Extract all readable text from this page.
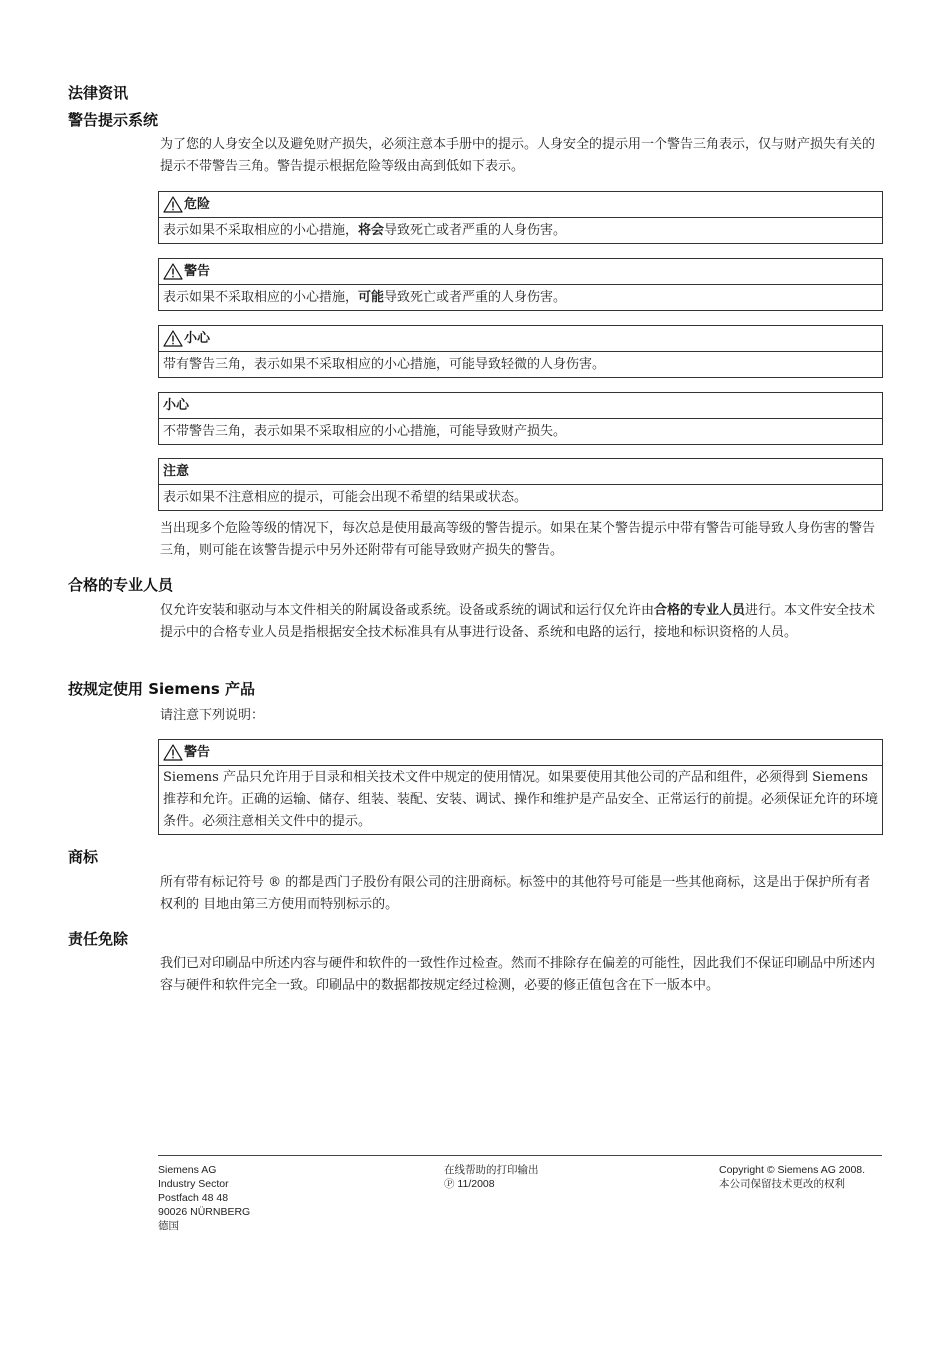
法律资讯
警告提示系统
为了您的人身安全以及避免财产损失，必须注意本手册中的提示。人身安全的提示用一个警告三角表示，仅与财产损失有关的提示不带警告三角。警告提示根据危险等级由高到低如下表示。
危险
表示如果不采取相应的小心措施，将会导致死亡或者严重的人身伤害。
警告
表示如果不采取相应的小心措施，可能导致死亡或者严重的人身伤害。
小心
带有警告三角，表示如果不采取相应的小心措施，可能导致轻微的人身伤害。
小心
不带警告三角，表示如果不采取相应的小心措施，可能导致财产损失。
注意
表示如果不注意相应的提示，可能会出现不希望的结果或状态。
当出现多个危险等级的情况下，每次总是使用最高等级的警告提示。如果在某个警告提示中带有警告可能导致人身伤害的警告三角，则可能在该警告提示中另外还附带有可能导致财产损失的警告。
合格的专业人员
仅允许安装和驱动与本文件相关的附属设备或系统。设备或系统的调试和运行仅允许由合格的专业人员进行。本文件安全技术提示中的合格专业人员是指根据安全技术标准具有从事进行设备、系统和电路的运行，接地和标识资格的人员。
按规定使用 Siemens 产品
请注意下列说明：
警告
Siemens 产品只允许用于目录和相关技术文件中规定的使用情况。如果要使用其他公司的产品和组件，必须得到 Siemens 推荐和允许。正确的运输、储存、组装、装配、安装、调试、操作和维护是产品安全、正常运行的前提。必须保证允许的环境条件。必须注意相关文件中的提示。
商标
所有带有标记符号 ® 的都是西门子股份有限公司的注册商标。标签中的其他符号可能是一些其他商标，这是出于保护所有者权利的 目地由第三方使用而特别标示的。
责任免除
我们已对印刷品中所述内容与硬件和软件的一致性作过检查。然而不排除存在偏差的可能性，因此我们不保证印刷品中所述内容与硬件和软件完全一致。印刷品中的数据都按规定经过检测，必要的修正值包含在下一版本中。
Siemens AG
Industry Sector
Postfach 48 48
90026 NÜRNBERG
德国
在线帮助的打印输出
Ⓟ 11/2008
Copyright © Siemens AG 2008.
本公司保留技术更改的权利
